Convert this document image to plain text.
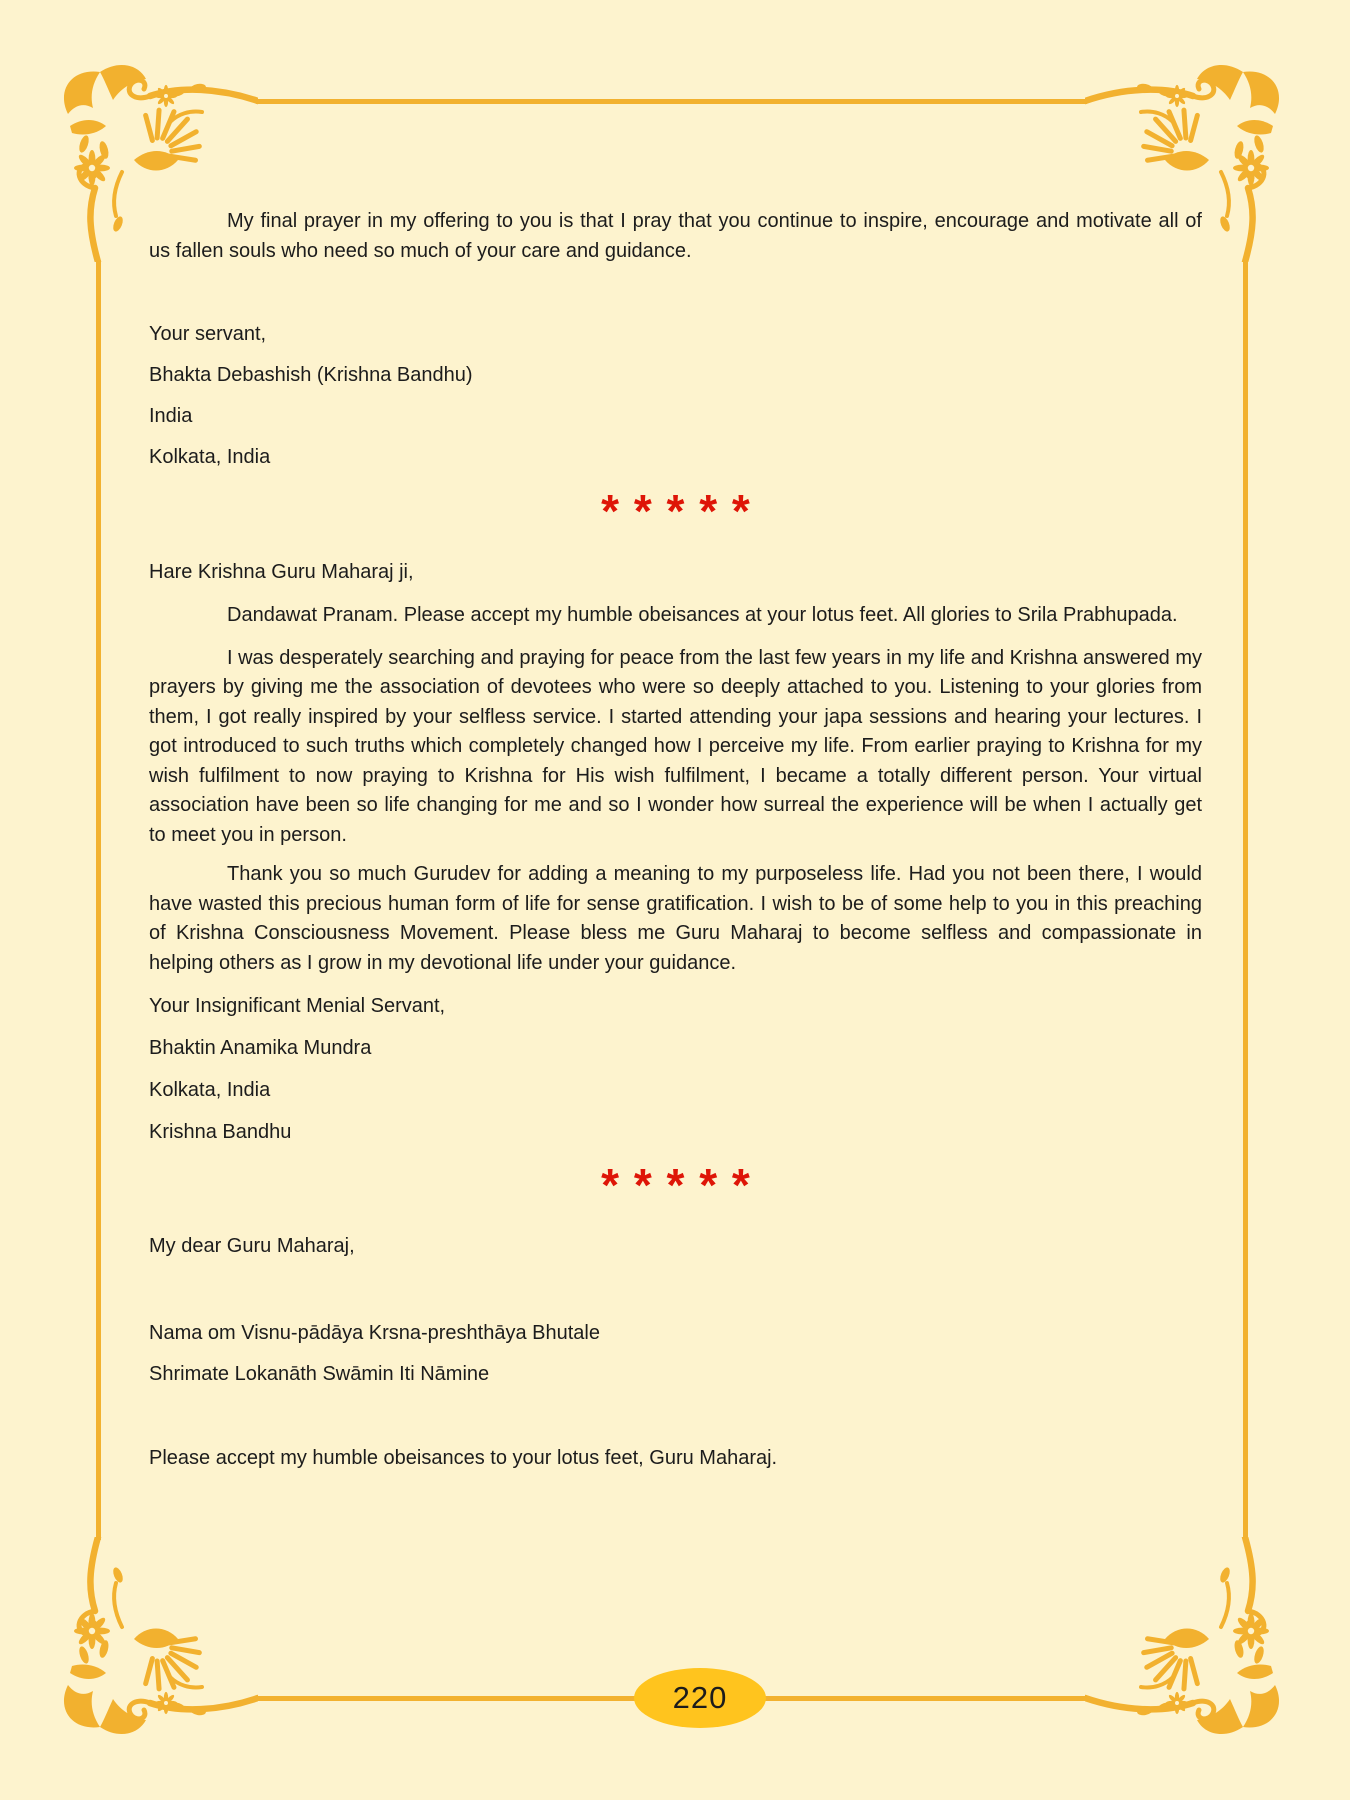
My final prayer in my offering to you is that I pray that you continue to inspire, encourage and motivate all of us fallen souls who need so much of your care and guidance.

Your servant,
Bhakta Debashish (Krishna Bandhu)
India
Kolkata, India
* * * * *

Hare Krishna Guru Maharaj ji,

Dandawat Pranam. Please accept my humble obeisances at your lotus feet. All glories to Srila Prabhupada.

I was desperately searching and praying for peace from the last few years in my life and Krishna answered my prayers by giving me the association of devotees who were so deeply attached to you. Listening to your glories from them, I got really inspired by your selfless service. I started attending your japa sessions and hearing your lectures. I got introduced to such truths which completely changed how I perceive my life. From earlier praying to Krishna for my wish fulfilment to now praying to Krishna for His wish fulfilment, I became a totally different person. Your virtual association have been so life changing for me and so I wonder how surreal the experience will be when I actually get to meet you in person.

Thank you so much Gurudev for adding a meaning to my purposeless life. Had you not been there, I would have wasted this precious human form of life for sense gratification. I wish to be of some help to you in this preaching of Krishna Consciousness Movement. Please bless me Guru Maharaj to become selfless and compassionate in helping others as I grow in my devotional life under your guidance.

Your Insignificant Menial Servant,
Bhaktin Anamika Mundra
Kolkata, India
Krishna Bandhu
* * * * *

My dear Guru Maharaj,

Nama om Visnu-pādāya Krsna-preshthāya Bhutale

Shrimate Lokanāth Swāmin Iti Nāmine

Please accept my humble obeisances to your lotus feet, Guru Maharaj.

220
